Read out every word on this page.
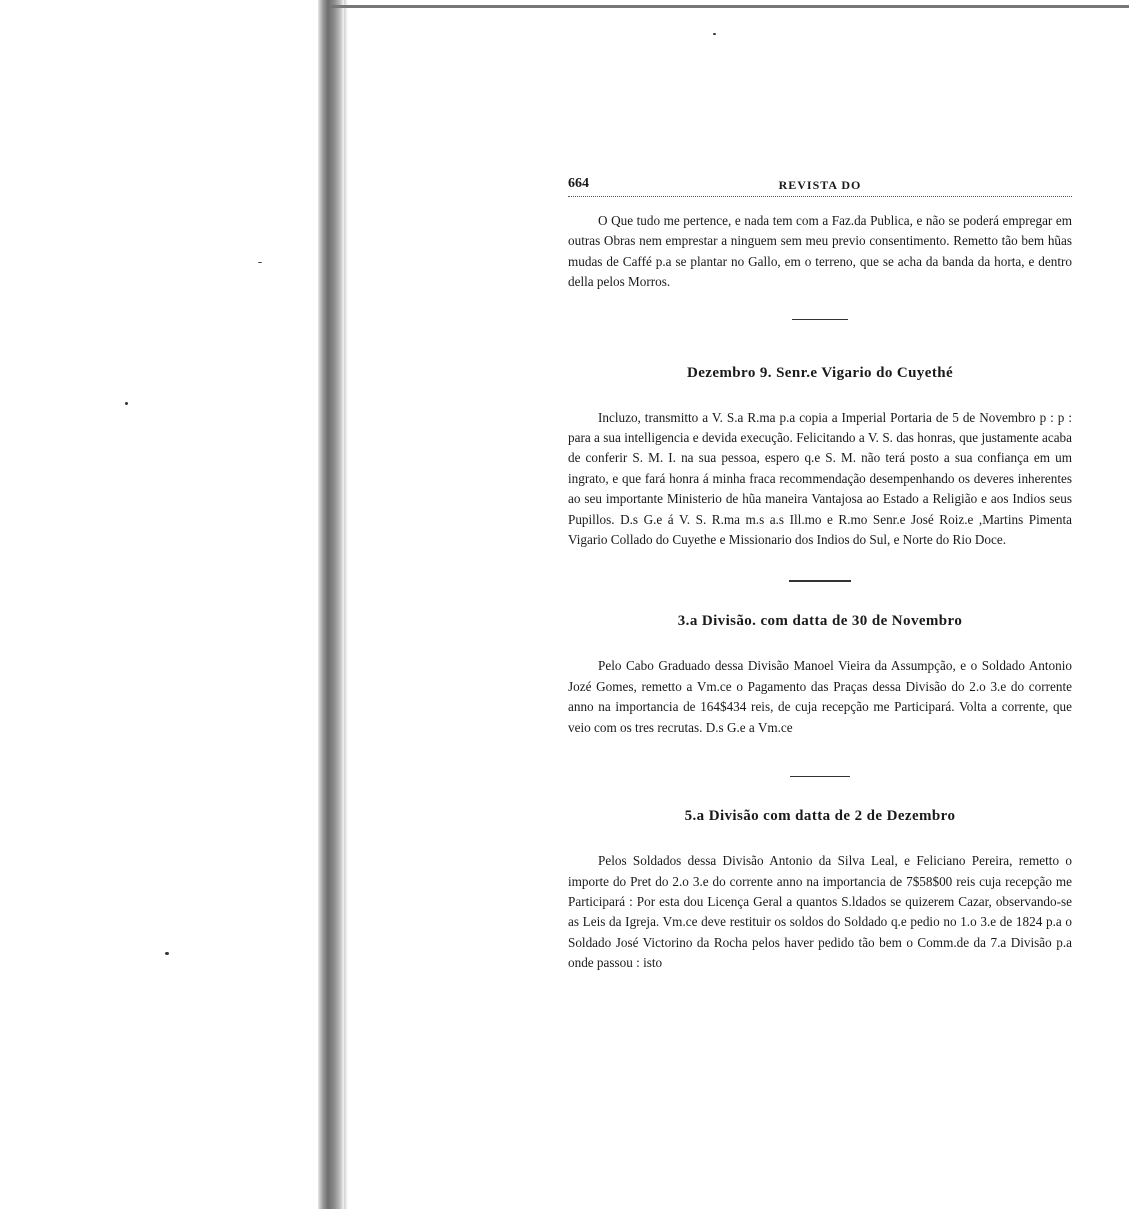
664	REVISTA DO

O Que tudo me pertence, e nada tem com a Faz.da Publica, e não se poderá empregar em outras Obras nem emprestar a ninguem sem meu previo consentimento. Remetto tão bem hũas mudas de Caffé p.a se plantar no Gallo, em o terreno, que se acha da banda da horta, e dentro della pelos Morros.

Dezembro 9. Senr.e Vigario do Cuyethé

Incluzo, transmitto a V. S.a R.ma p.a copia a Imperial Portaria de 5 de Novembro p : p : para a sua intelligencia e devida execução. Felicitando a V. S. das honras, que justamente acaba de conferir S. M. I. na sua pessoa, espero q.e S. M. não terá posto a sua confiança em um ingrato, e que fará honra á minha fraca recommendação desempenhando os deveres inherentes ao seu importante Ministerio de hũa maneira Vantajosa ao Estado a Religião e aos Indios seus Pupillos. D.s G.e á V. S. R.ma m.s a.s Ill.mo e R.mo Senr.e José Roiz.e ,Martins Pimenta Vigario Collado do Cuyethe e Missionario dos Indios do Sul, e Norte do Rio Doce.

3.a Divisão. com datta de 30 de Novembro

Pelo Cabo Graduado dessa Divisão Manoel Vieira da Assumpção, e o Soldado Antonio Jozé Gomes, remetto a Vm.ce o Pagamento das Praças dessa Divisão do 2.o 3.e do corrente anno na importancia de 164$434 reis, de cuja recepção me Participará. Volta a corrente, que veio com os tres recrutas. D.s G.e a Vm.ce

5.a Divisão com datta de 2 de Dezembro

Pelos Soldados dessa Divisão Antonio da Silva Leal, e Feliciano Pereira, remetto o importe do Pret do 2.o 3.e do corrente anno na importancia de 7$58$00 reis cuja recepção me Participará : Por esta dou Licença Geral a quantos S.ldados se quizerem Cazar, observando-se as Leis da Igreja. Vm.ce deve restituir os soldos do Soldado q.e pedio no 1.o 3.e de 1824 p.a o Soldado José Victorino da Rocha pelos haver pedido tão bem o Comm.de da 7.a Divisão p.a onde passou : isto
